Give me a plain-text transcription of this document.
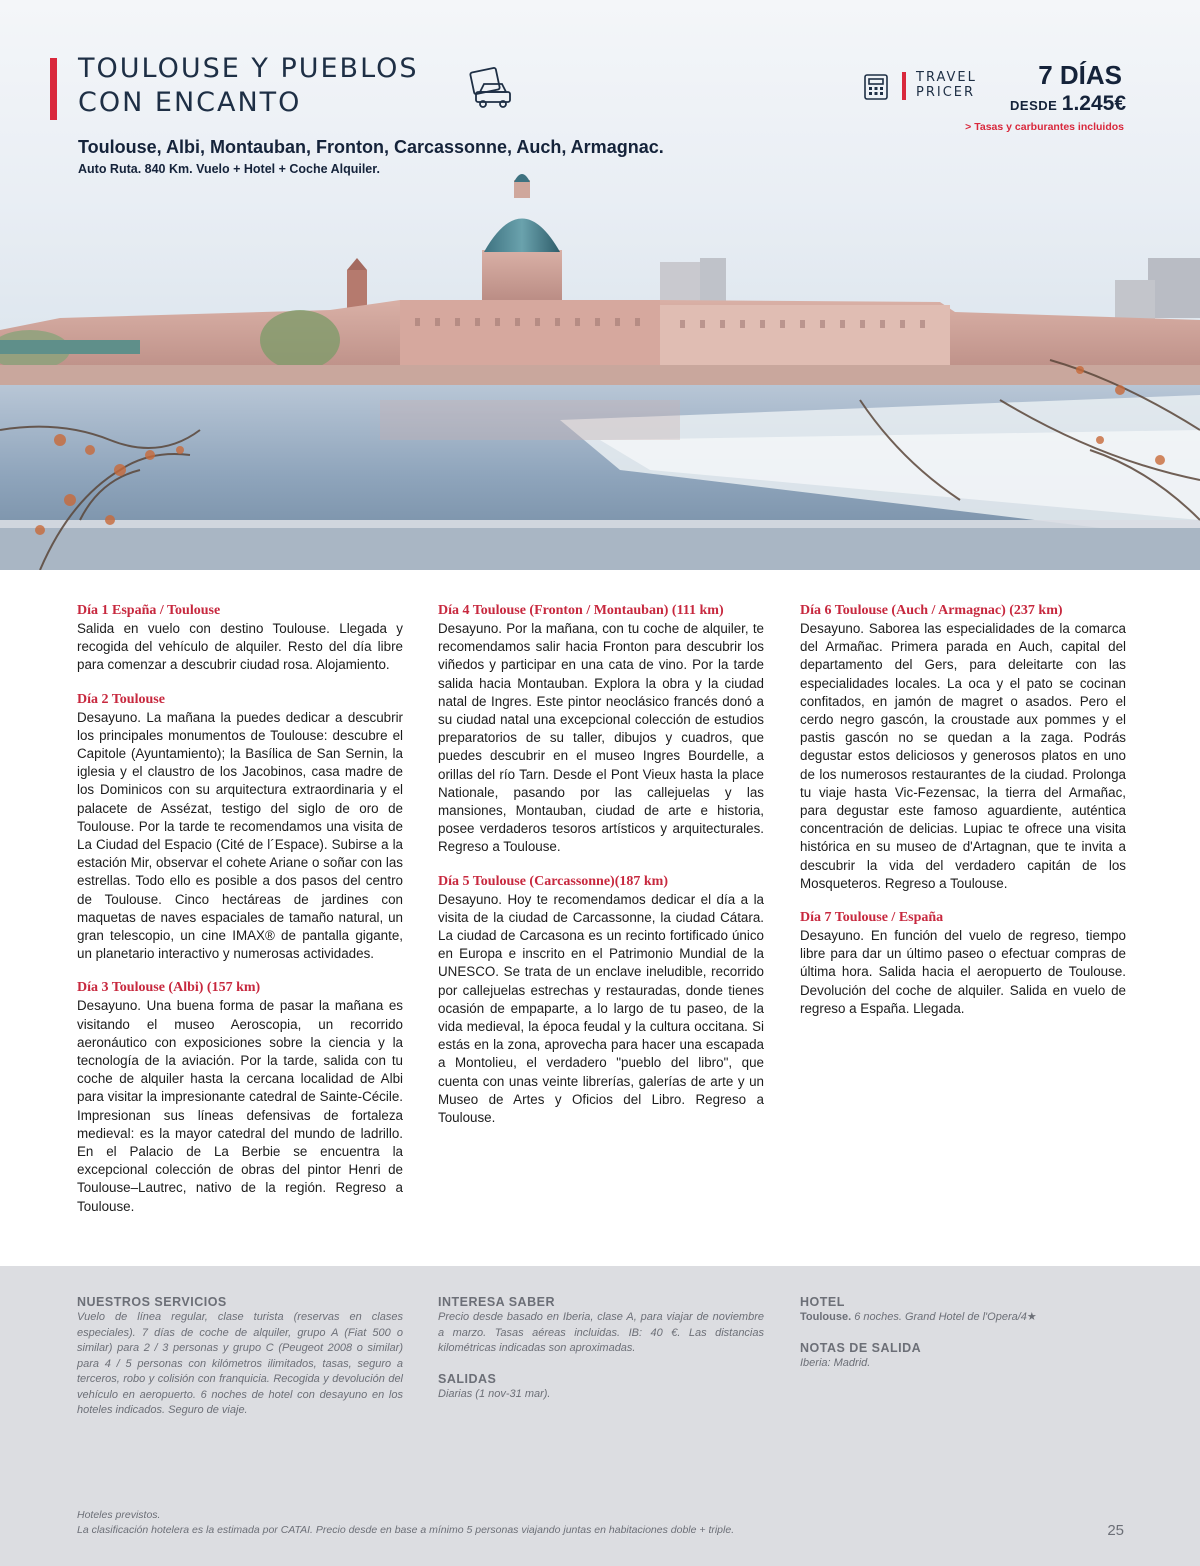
TOULOUSE Y PUEBLOS
CON ENCANTO
Toulouse, Albi, Montauban, Fronton, Carcassonne, Auch, Armagnac.
Auto Ruta. 840 Km. Vuelo + Hotel + Coche Alquiler.
TRAVEL
PRICER
7 DÍAS
DESDE 1.245€
> Tasas y carburantes incluidos
Día 1 España / Toulouse
Salida en vuelo con destino Toulouse. Llegada y recogida del vehículo de alquiler. Resto del día libre para comenzar a descubrir ciudad rosa. Alojamiento.
Día 2 Toulouse
Desayuno. La mañana la puedes dedicar a descubrir los principales monumentos de Toulouse: descubre el Capitole (Ayuntamiento); la Basílica de San Sernin, la iglesia y el claustro de los Jacobinos, casa madre de los Dominicos con su arquitectura extraordinaria y el palacete de Assézat, testigo del siglo de oro de Toulouse. Por la tarde te recomendamos una visita de La Ciudad del Espacio (Cité de l´Espace). Subirse a la estación Mir, observar el cohete Ariane o soñar con las estrellas. Todo ello es posible a dos pasos del centro de Toulouse. Cinco hectáreas de jardines con maquetas de naves espaciales de tamaño natural, un gran telescopio, un cine IMAX® de pantalla gigante, un planetario interactivo y numerosas actividades.
Día 3 Toulouse (Albi) (157 km)
Desayuno. Una buena forma de pasar la mañana es visitando el museo Aeroscopia, un recorrido aeronáutico con exposiciones sobre la ciencia y la tecnología de la aviación. Por la tarde, salida con tu coche de alquiler hasta la cercana localidad de Albi para visitar la impresionante catedral de Sainte-Cécile. Impresionan sus líneas defensivas de fortaleza medieval: es la mayor catedral del mundo de ladrillo. En el Palacio de La Berbie se encuentra la excepcional colección de obras del pintor Henri de Toulouse–Lautrec, nativo de la región. Regreso a Toulouse.
Día 4 Toulouse (Fronton / Montauban) (111 km)
Desayuno. Por la mañana, con tu coche de alquiler, te recomendamos salir hacia Fronton para descubrir los viñedos y participar en una cata de vino. Por la tarde salida hacia Montauban. Explora la obra y la ciudad natal de Ingres. Este pintor neoclásico francés donó a su ciudad natal una excepcional colección de estudios preparatorios de su taller, dibujos y cuadros, que puedes descubrir en el museo Ingres Bourdelle, a orillas del río Tarn. Desde el Pont Vieux hasta la place Nationale, pasando por las callejuelas y las mansiones, Montauban, ciudad de arte e historia, posee verdaderos tesoros artísticos y arquitecturales. Regreso a Toulouse.
Día 5 Toulouse (Carcassonne)(187 km)
Desayuno. Hoy te recomendamos dedicar el día a la visita de la ciudad de Carcassonne, la ciudad Cátara. La ciudad de Carcasona es un recinto fortificado único en Europa e inscrito en el Patrimonio Mundial de la UNESCO. Se trata de un enclave ineludible, recorrido por callejuelas estrechas y restauradas, donde tienes ocasión de empaparte, a lo largo de tu paseo, de la vida medieval, la época feudal y la cultura occitana. Si estás en la zona, aprovecha para hacer una escapada a Montolieu, el verdadero "pueblo del libro", que cuenta con unas veinte librerías, galerías de arte y un Museo de Artes y Oficios del Libro. Regreso a Toulouse.
Día 6 Toulouse (Auch / Armagnac) (237 km)
Desayuno. Saborea las especialidades de la comarca del Armañac. Primera parada en Auch, capital del departamento del Gers, para deleitarte con las especialidades locales. La oca y el pato se cocinan confitados, en jamón de magret o asados. Pero el cerdo negro gascón, la croustade aux pommes y el pastis gascón no se quedan a la zaga. Podrás degustar estos deliciosos y generosos platos en uno de los numerosos restaurantes de la ciudad. Prolonga tu viaje hasta Vic-Fezensac, la tierra del Armañac, para degustar este famoso aguardiente, auténtica concentración de delicias. Lupiac te ofrece una visita histórica en su museo de d'Artagnan, que te invita a descubrir la vida del verdadero capitán de los Mosqueteros. Regreso a Toulouse.
Día 7 Toulouse / España
Desayuno. En función del vuelo de regreso, tiempo libre para dar un último paseo o efectuar compras de última hora. Salida hacia el aeropuerto de Toulouse. Devolución del coche de alquiler. Salida en vuelo de regreso a España. Llegada.
NUESTROS SERVICIOS
Vuelo de línea regular, clase turista (reservas en clases especiales). 7 días de coche de alquiler, grupo A (Fiat 500 o similar) para 2 / 3 personas y grupo C (Peugeot 2008 o similar) para 4 / 5 personas con kilómetros ilimitados, tasas, seguro a terceros, robo y colisión con franquicia. Recogida y devolución del vehículo en aeropuerto. 6 noches de hotel con desayuno en los hoteles indicados. Seguro de viaje.
INTERESA SABER
Precio desde basado en Iberia, clase A, para viajar de noviembre a marzo. Tasas aéreas incluidas. IB: 40 €. Las distancias kilométricas indicadas son aproximadas.
SALIDAS
Diarias (1 nov-31 mar).
HOTEL
Toulouse. 6 noches. Grand Hotel de l'Opera/4★
NOTAS DE SALIDA
Iberia: Madrid.
Hoteles previstos.
La clasificación hotelera es la estimada por CATAI. Precio desde en base a mínimo 5 personas viajando juntas en habitaciones doble + triple.	25
